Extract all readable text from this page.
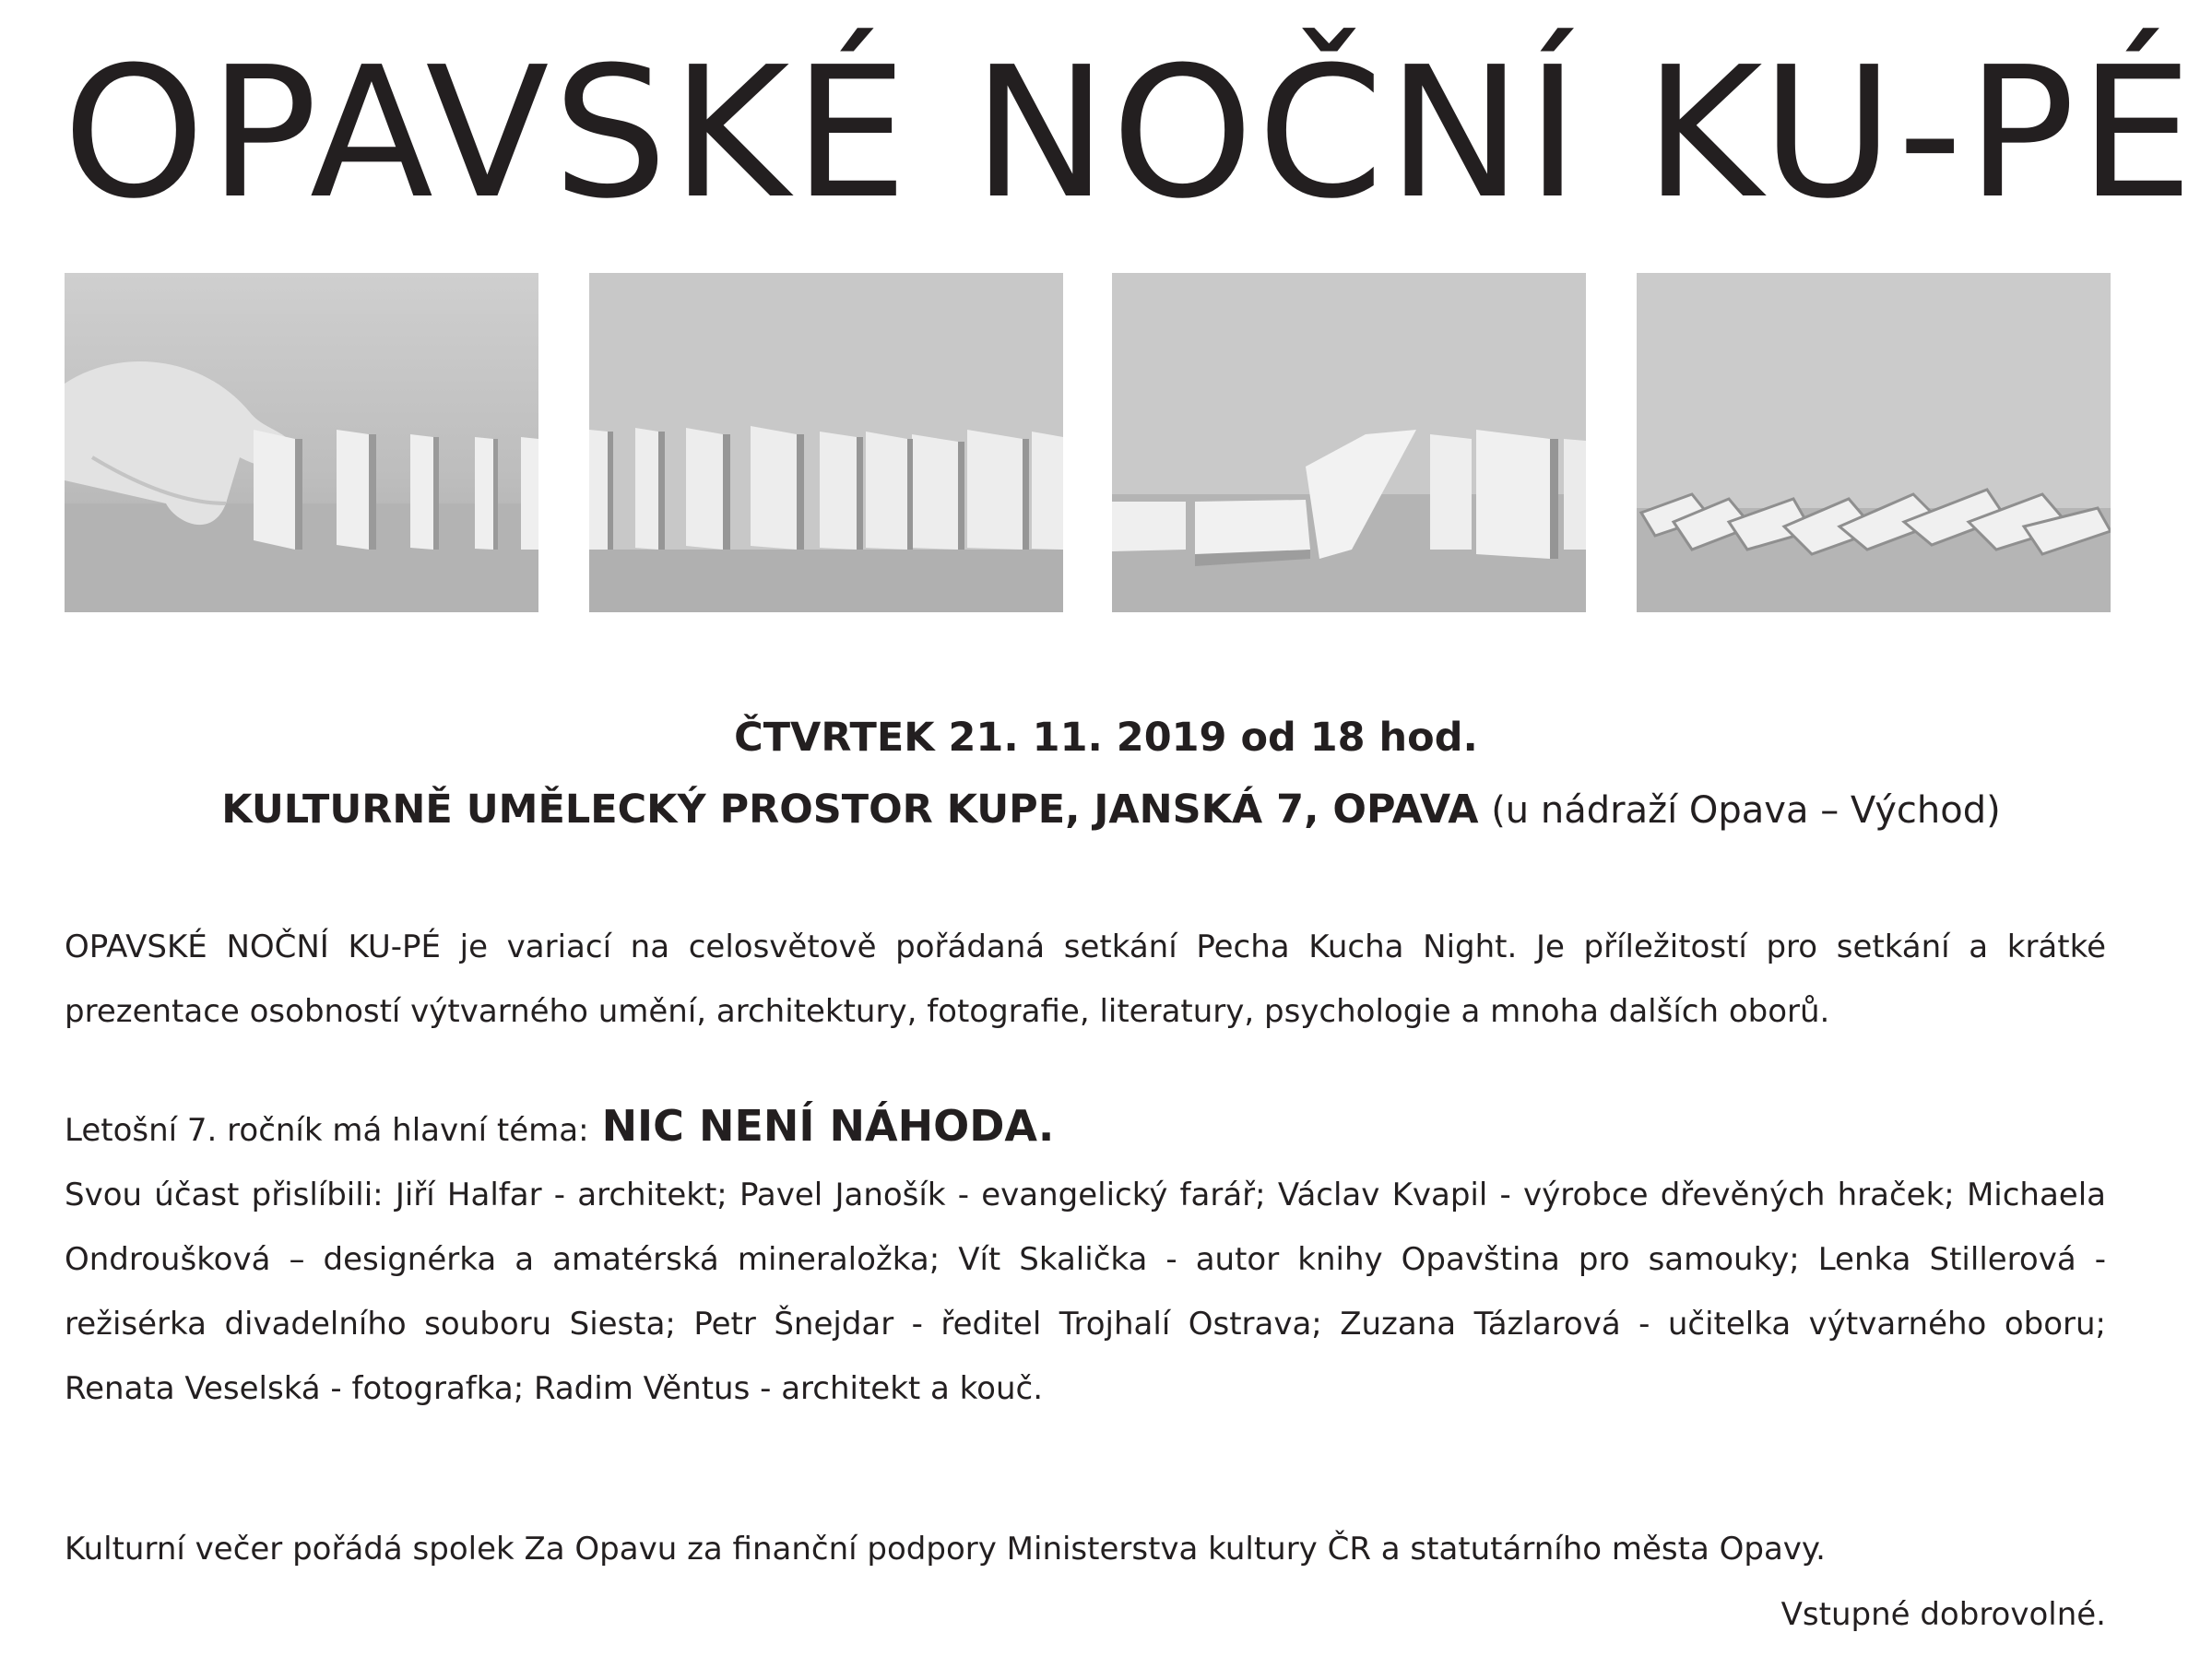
OPAVSKÉ NOČNÍ KU-PÉ
ČTVRTEK 21. 11. 2019 od 18 hod.
KULTURNĚ UMĚLECKÝ PROSTOR KUPE, JANSKÁ 7, OPAVA (u nádraží Opava – Východ)
OPAVSKÉ NOČNÍ KU-PÉ je variací na celosvětově pořádaná setkání Pecha Kucha Night. Je příležitostí pro setkání a krátké prezentace osobností výtvarného umění, architektury, fotografie, literatury, psychologie a mnoha dalších oborů.
Letošní 7. ročník má hlavní téma: NIC NENÍ NÁHODA.
Svou účast přislíbili: Jiří Halfar - architekt; Pavel Janošík - evangelický farář; Václav Kvapil - výrobce dřevěných hraček; Michaela Ondroušková – designérka a amatérská mineraložka; Vít Skalička - autor knihy Opavština pro samouky; Lenka Stillerová - režisérka divadelního souboru Siesta; Petr Šnejdar - ředitel Trojhalí Ostrava; Zuzana Tázlarová - učitelka výtvarného oboru; Renata Veselská - fotografka; Radim Věntus - architekt a kouč.
Kulturní večer pořádá spolek Za Opavu za finanční podpory Ministerstva kultury ČR a statutárního města Opavy.
Vstupné dobrovolné.
